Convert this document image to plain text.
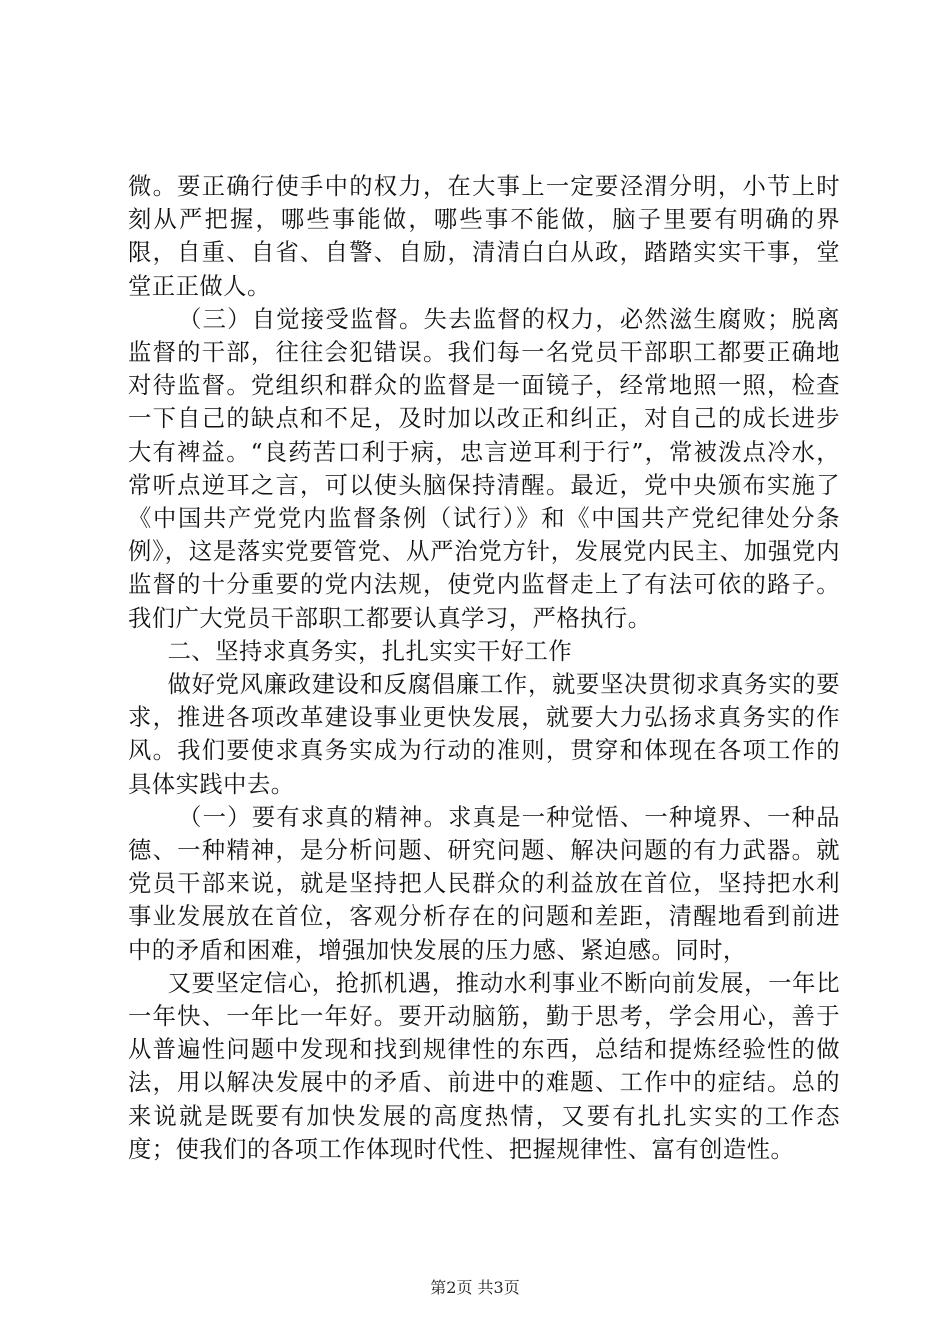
微。要正确行使手中的权力，在大事上一定要泾渭分明，小节上时刻从严把握，哪些事能做，哪些事不能做，脑子里要有明确的界限，自重、自省、自警、自励，清清白白从政，踏踏实实干事，堂堂正正做人。

（三）自觉接受监督。失去监督的权力，必然滋生腐败；脱离监督的干部，往往会犯错误。我们每一名党员干部职工都要正确地对待监督。党组织和群众的监督是一面镜子，经常地照一照，检查一下自己的缺点和不足，及时加以改正和纠正，对自己的成长进步大有裨益。“良药苦口利于病，忠言逆耳利于行”，常被泼点冷水，常听点逆耳之言，可以使头脑保持清醒。最近，党中央颁布实施了《中国共产党党内监督条例（试行）》和《中国共产党纪律处分条例》，这是落实党要管党、从严治党方针，发展党内民主、加强党内监督的十分重要的党内法规，使党内监督走上了有法可依的路子。我们广大党员干部职工都要认真学习，严格执行。

二、坚持求真务实，扎扎实实干好工作

做好党风廉政建设和反腐倡廉工作，就要坚决贯彻求真务实的要求，推进各项改革建设事业更快发展，就要大力弘扬求真务实的作风。我们要使求真务实成为行动的准则，贯穿和体现在各项工作的具体实践中去。

（一）要有求真的精神。求真是一种觉悟、一种境界、一种品德、一种精神，是分析问题、研究问题、解决问题的有力武器。就党员干部来说，就是坚持把人民群众的利益放在首位，坚持把水利事业发展放在首位，客观分析存在的问题和差距，清醒地看到前进中的矛盾和困难，增强加快发展的压力感、紧迫感。同时，

又要坚定信心，抢抓机遇，推动水利事业不断向前发展，一年比一年快、一年比一年好。要开动脑筋，勤于思考，学会用心，善于从普遍性问题中发现和找到规律性的东西，总结和提炼经验性的做法，用以解决发展中的矛盾、前进中的难题、工作中的症结。总的来说就是既要有加快发展的高度热情，又要有扎扎实实的工作态度；使我们的各项工作体现时代性、把握规律性、富有创造性。

第2页 共3页
